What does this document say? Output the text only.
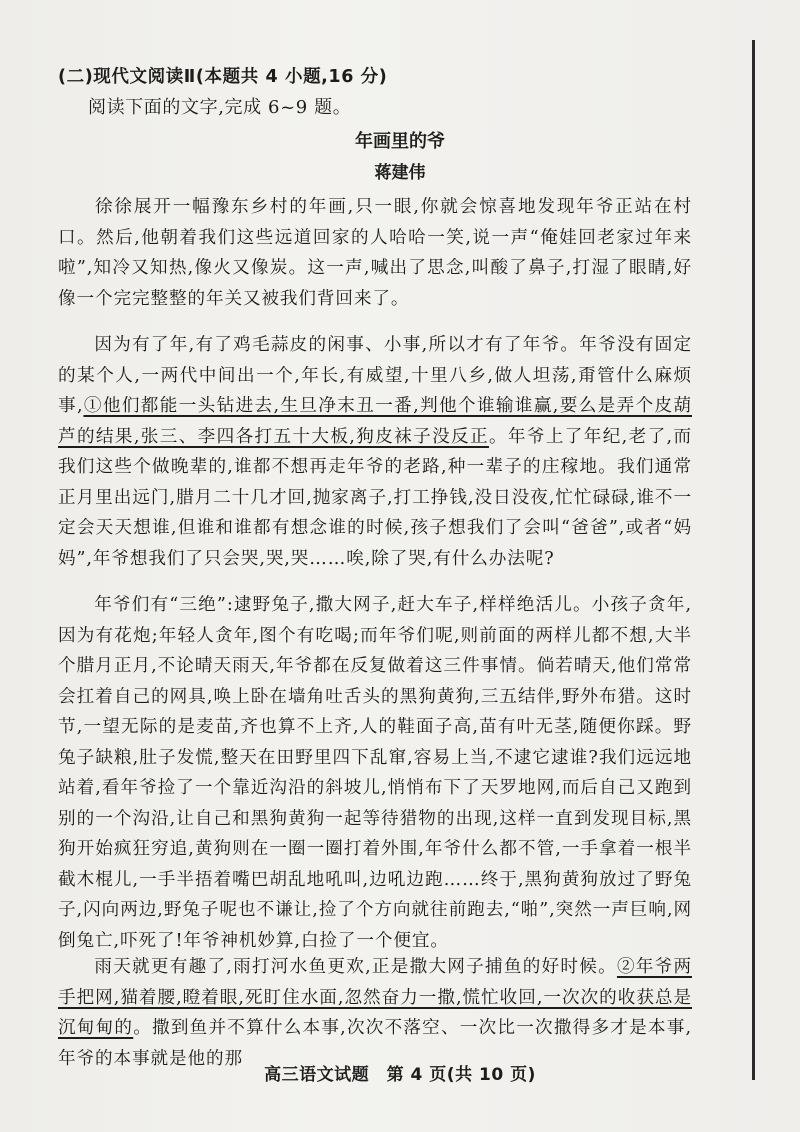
(二)现代文阅读Ⅱ(本题共 4 小题,16 分)
阅读下面的文字,完成 6~9 题。
年画里的爷
蒋建伟
徐徐展开一幅豫东乡村的年画,只一眼,你就会惊喜地发现年爷正站在村口。然后,他朝着我们这些远道回家的人哈哈一笑,说一声“俺娃回老家过年来啦”,知冷又知热,像火又像炭。这一声,喊出了思念,叫酸了鼻子,打湿了眼睛,好像一个完完整整的年关又被我们背回来了。
因为有了年,有了鸡毛蒜皮的闲事、小事,所以才有了年爷。年爷没有固定的某个人,一两代中间出一个,年长,有威望,十里八乡,做人坦荡,甭管什么麻烦事,①他们都能一头钻进去,生旦净末丑一番,判他个谁输谁赢,要么是弄个皮葫芦的结果,张三、李四各打五十大板,狗皮袜子没反正。年爷上了年纪,老了,而我们这些个做晚辈的,谁都不想再走年爷的老路,种一辈子的庄稼地。我们通常正月里出远门,腊月二十几才回,抛家离子,打工挣钱,没日没夜,忙忙碌碌,谁不一定会天天想谁,但谁和谁都有想念谁的时候,孩子想我们了会叫“爸爸”,或者“妈妈”,年爷想我们了只会哭,哭,哭……唉,除了哭,有什么办法呢?
年爷们有“三绝”:逮野兔子,撒大网子,赶大车子,样样绝活儿。小孩子贪年,因为有花炮;年轻人贪年,图个有吃喝;而年爷们呢,则前面的两样儿都不想,大半个腊月正月,不论晴天雨天,年爷都在反复做着这三件事情。倘若晴天,他们常常会扛着自己的网具,唤上卧在墙角吐舌头的黑狗黄狗,三五结伴,野外布猎。这时节,一望无际的是麦苗,齐也算不上齐,人的鞋面子高,苗有叶无茎,随便你踩。野兔子缺粮,肚子发慌,整天在田野里四下乱窜,容易上当,不逮它逮谁?我们远远地站着,看年爷捡了一个靠近沟沿的斜坡儿,悄悄布下了天罗地网,而后自己又跑到别的一个沟沿,让自己和黑狗黄狗一起等待猎物的出现,这样一直到发现目标,黑狗开始疯狂穷追,黄狗则在一圈一圈打着外围,年爷什么都不管,一手拿着一根半截木棍儿,一手半捂着嘴巴胡乱地吼叫,边吼边跑……终于,黑狗黄狗放过了野兔子,闪向两边,野兔子呢也不谦让,捡了个方向就往前跑去,“啪”,突然一声巨响,网倒兔亡,吓死了!年爷神机妙算,白捡了一个便宜。
雨天就更有趣了,雨打河水鱼更欢,正是撒大网子捕鱼的好时候。②年爷两手把网,猫着腰,瞪着眼,死盯住水面,忽然奋力一撒,慌忙收回,一次次的收获总是沉甸甸的。撒到鱼并不算什么本事,次次不落空、一次比一次撒得多才是本事,年爷的本事就是他的那
高三语文试题　第 4 页(共 10 页)
